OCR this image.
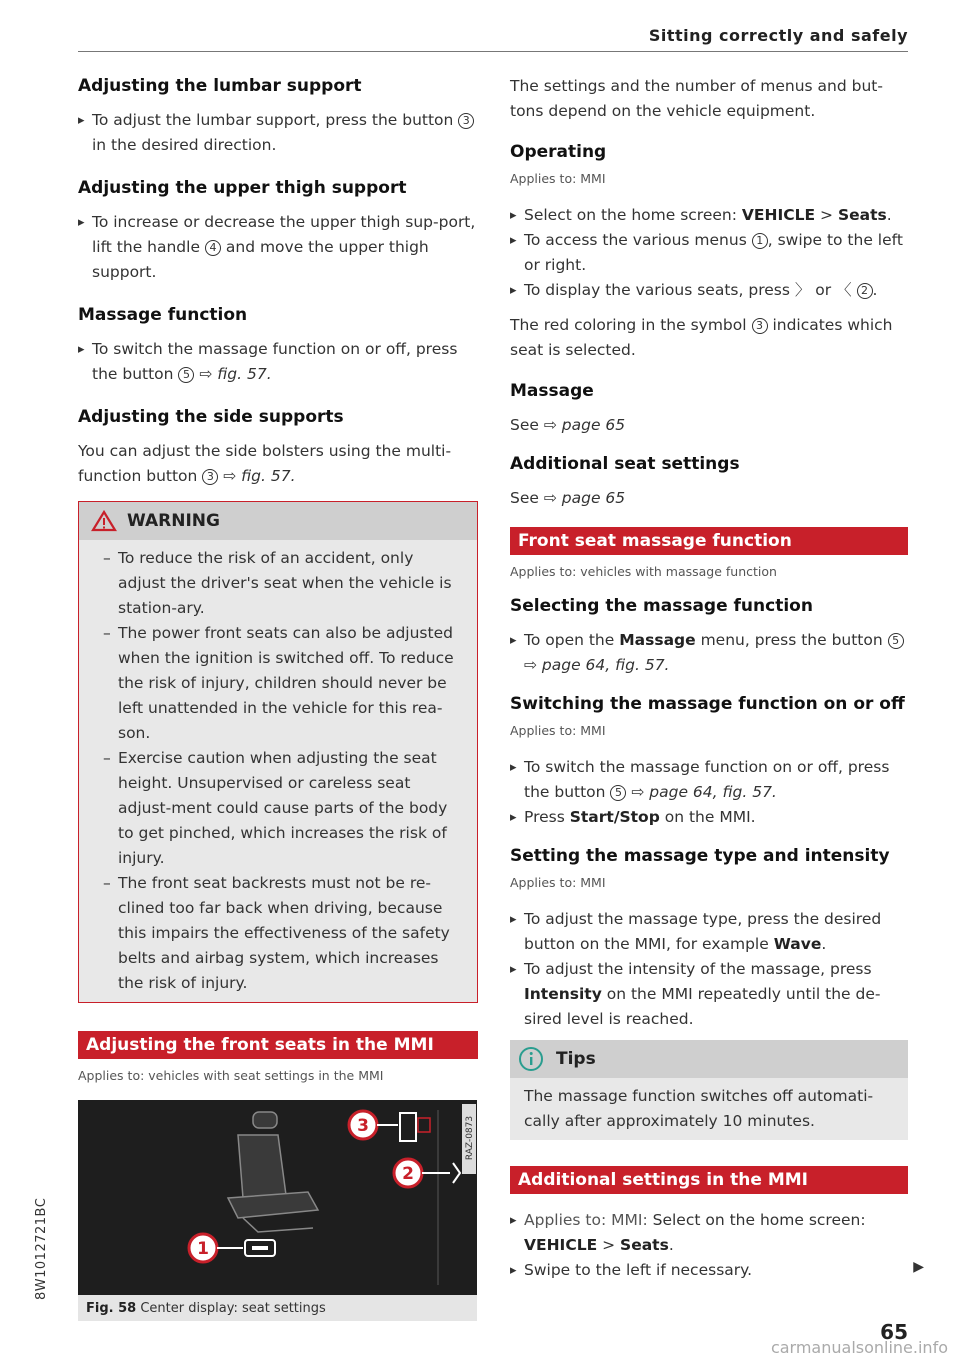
Sitting correctly and safely
Adjusting the lumbar support

▸ To adjust the lumbar support, press the button 3 in the desired direction.

Adjusting the upper thigh support

▸ To increase or decrease the upper thigh sup-port, lift the handle 4 and move the upper thigh support.

Massage function

▸ To switch the massage function on or off, press the button 5 ⇨ fig. 57.

Adjusting the side supports

You can adjust the side bolsters using the multi-function button 3 ⇨ fig. 57.

WARNING

– To reduce the risk of an accident, only adjust the driver's seat when the vehicle is station-ary.

– The power front seats can also be adjusted when the ignition is switched off. To reduce the risk of injury, children should never be left unattended in the vehicle for this rea-son.

– Exercise caution when adjusting the seat height. Unsupervised or careless seat adjust-ment could cause parts of the body to get pinched, which increases the risk of injury.

– The front seat backrests must not be re-clined too far back when driving, because this impairs the effectiveness of the safety belts and airbag system, which increases the risk of injury.

Adjusting the front seats in the MMI

Applies to: vehicles with seat settings in the MMI

3
2
1
RAZ-0873
Fig. 58 Center display: seat settings

The settings and the number of menus and but-tons depend on the vehicle equipment.

Operating

Applies to: MMI

▸ Select on the home screen: VEHICLE > Seats.

▸ To access the various menus 1 , swipe to the left or right.

▸ To display the various seats, press 〉 or 〈 2 .

The red coloring in the symbol 3 indicates which seat is selected.

Massage

See ⇨ page 65

Additional seat settings

See ⇨ page 65

Front seat massage function

Applies to: vehicles with massage function

Selecting the massage function

▸ To open the Massage menu, press the button 5 ⇨ page 64, fig. 57.

Switching the massage function on or off

Applies to: MMI

▸ To switch the massage function on or off, press the button 5 ⇨ page 64, fig. 57.

▸ Press Start/Stop on the MMI.

Setting the massage type and intensity

Applies to: MMI

▸ To adjust the massage type, press the desired button on the MMI, for example Wave.

▸ To adjust the intensity of the massage, press Intensity on the MMI repeatedly until the de-sired level is reached.

Tips

The massage function switches off automati-cally after approximately 10 minutes.

Additional settings in the MMI

▸ Applies to: MMI: Select on the home screen: VEHICLE > Seats.

▸ Swipe to the left if necessary.	▶
8W1012721BC
65
carmanualsonline.info
